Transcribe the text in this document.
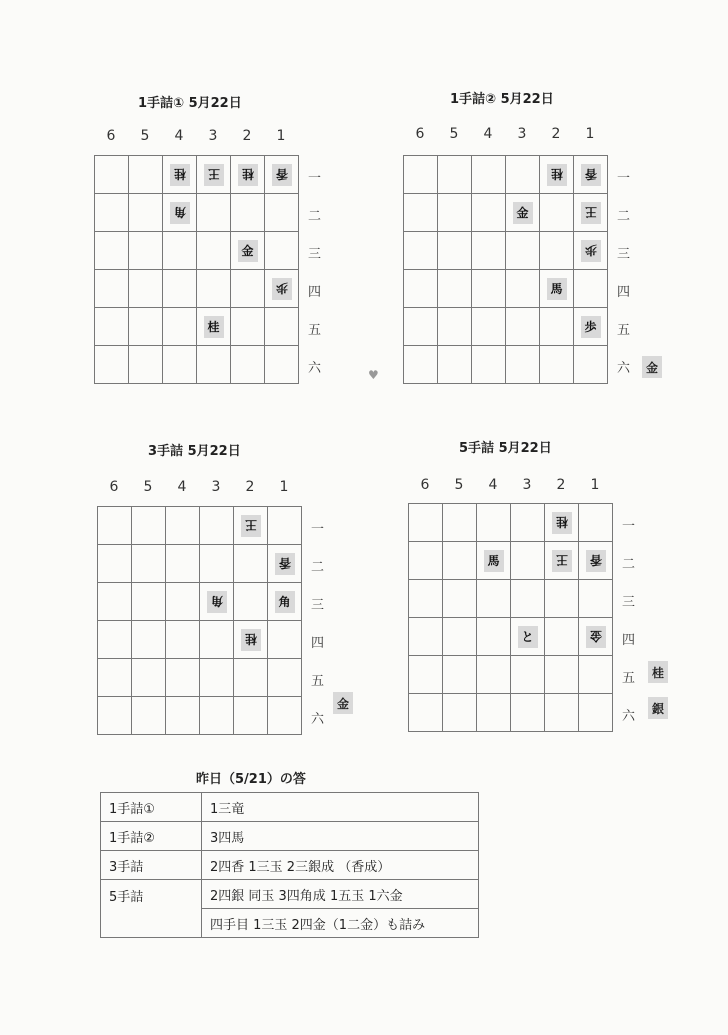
♥
昨日（5/21）の答
1手詰①	1三竜
1手詰②	3四馬
3手詰	2四香 1三玉 2三銀成 （香成）
5手詰	2四銀 同玉 3四角成 1五玉 1六金
	四手目 1三玉 2四金（1二金）も詰み
1手詰① 5月22日
6	5	4	3	2	1
桂	王	桂	香
角
金
歩
桂
一
二
三
四
五
六
1手詰② 5月22日
6	5	4	3	2	1
桂	香
金	王
歩
馬
歩
一
二
三
四
五
六	金
3手詰 5月22日
6	5	4	3	2	1
王
香
角	角
桂
一
二
三
四
五
六
金
5手詰 5月22日
6	5	4	3	2	1
桂
馬	王	香
と	金
一
二
三
四
五
六
桂
銀
